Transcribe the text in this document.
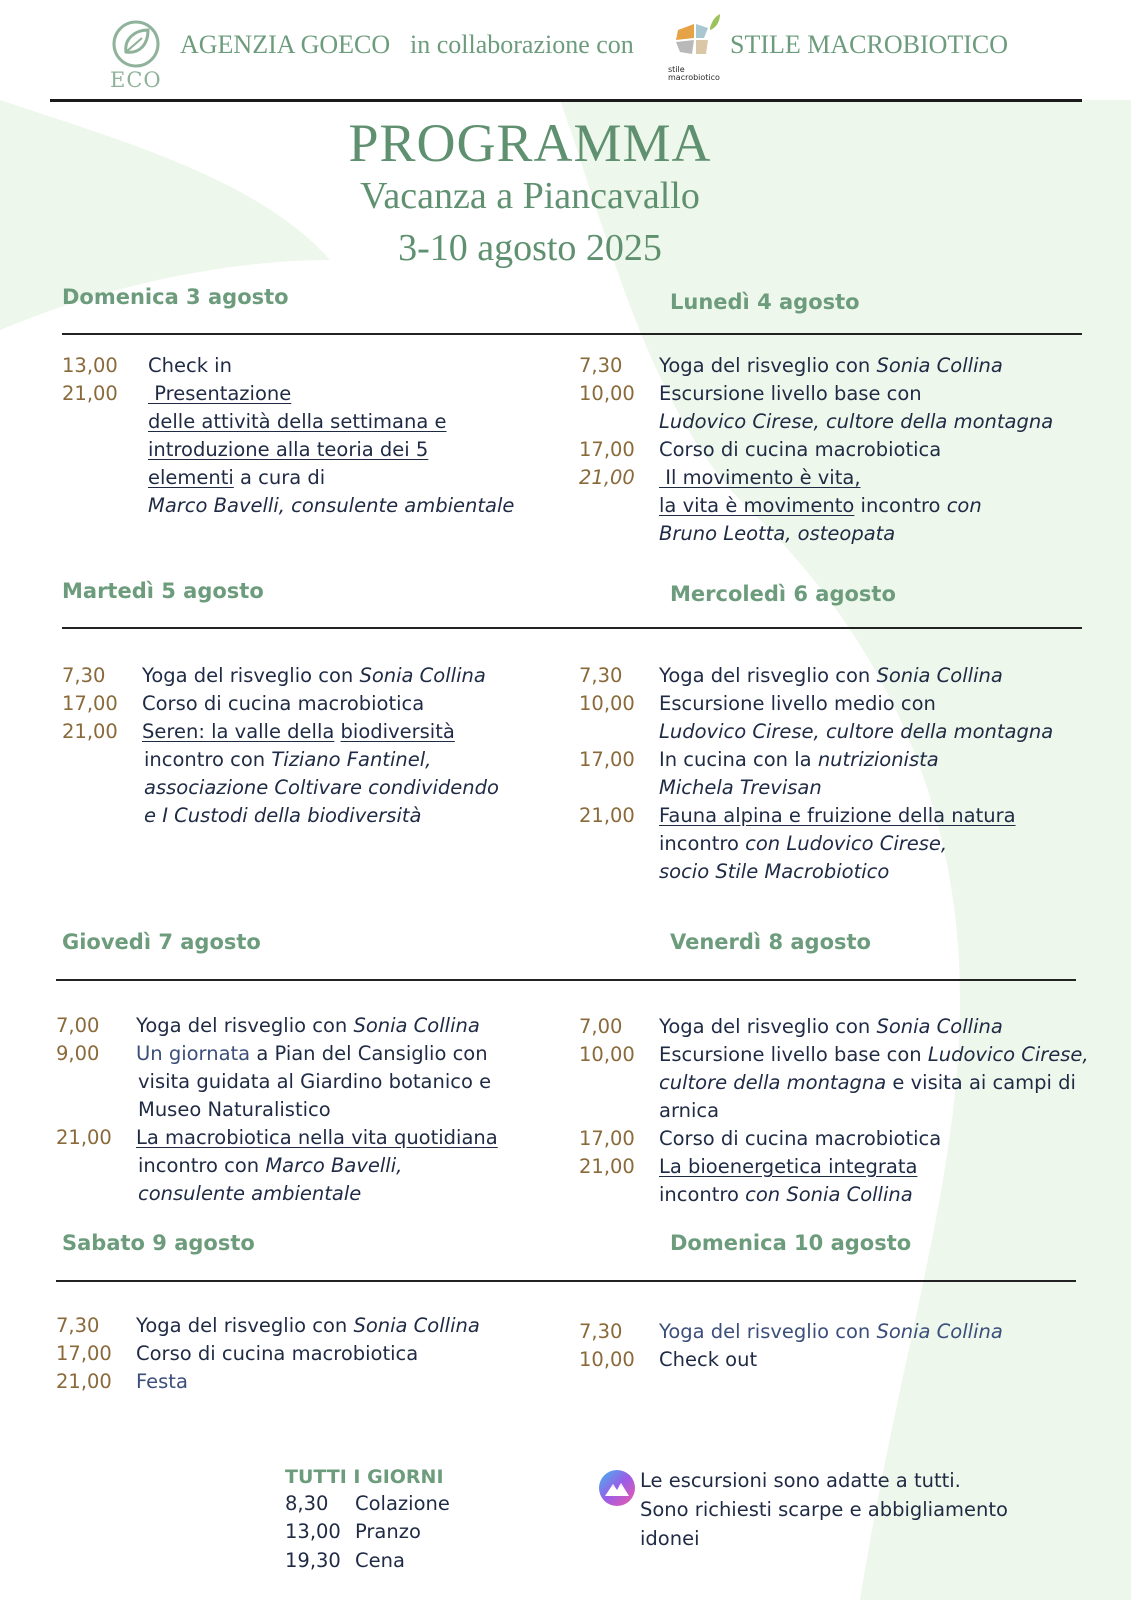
ECO
AGENZIA GOECO in collaborazione con
stile
macrobiotico
STILE MACROBIOTICO
PROGRAMMA
Vacanza a Piancavallo
3-10 agosto 2025
Domenica 3 agosto	Lunedì 4 agosto
13,00 Check in
21,00 Presentazione
delle attività della settimana e
introduzione alla teoria dei 5
elementi a cura di
Marco Bavelli, consulente ambientale
7,30 Yoga del risveglio con Sonia Collina
10,00 Escursione livello base con
Ludovico Cirese, cultore della montagna
17,00 Corso di cucina macrobiotica
21,00 Il movimento è vita,
la vita è movimento incontro con
Bruno Leotta, osteopata
Martedì 5 agosto	Mercoledì 6 agosto
7,30 Yoga del risveglio con Sonia Collina
17,00 Corso di cucina macrobiotica
21,00 Seren: la valle della biodiversità
incontro con Tiziano Fantinel,
associazione Coltivare condividendo
e I Custodi della biodiversità
7,30 Yoga del risveglio con Sonia Collina
10,00 Escursione livello medio con
Ludovico Cirese, cultore della montagna
17,00 In cucina con la nutrizionista
Michela Trevisan
21,00 Fauna alpina e fruizione della natura
incontro con Ludovico Cirese,
socio Stile Macrobiotico
Giovedì 7 agosto	Venerdì 8 agosto
7,00 Yoga del risveglio con Sonia Collina
9,00 Un giornata a Pian del Cansiglio con
visita guidata al Giardino botanico e
Museo Naturalistico
21,00 La macrobiotica nella vita quotidiana
incontro con Marco Bavelli,
consulente ambientale
7,00 Yoga del risveglio con Sonia Collina
10,00 Escursione livello base con Ludovico Cirese,
cultore della montagna e visita ai campi di
arnica
17,00 Corso di cucina macrobiotica
21,00 La bioenergetica integrata
incontro con Sonia Collina
Sabato 9 agosto	Domenica 10 agosto
7,30 Yoga del risveglio con Sonia Collina
17,00 Corso di cucina macrobiotica
21,00 Festa
7,30 Yoga del risveglio con Sonia Collina
10,00 Check out
TUTTI I GIORNI
8,30 Colazione
13,00 Pranzo
19,30 Cena
Le escursioni sono adatte a tutti.
Sono richiesti scarpe e abbigliamento
idonei
